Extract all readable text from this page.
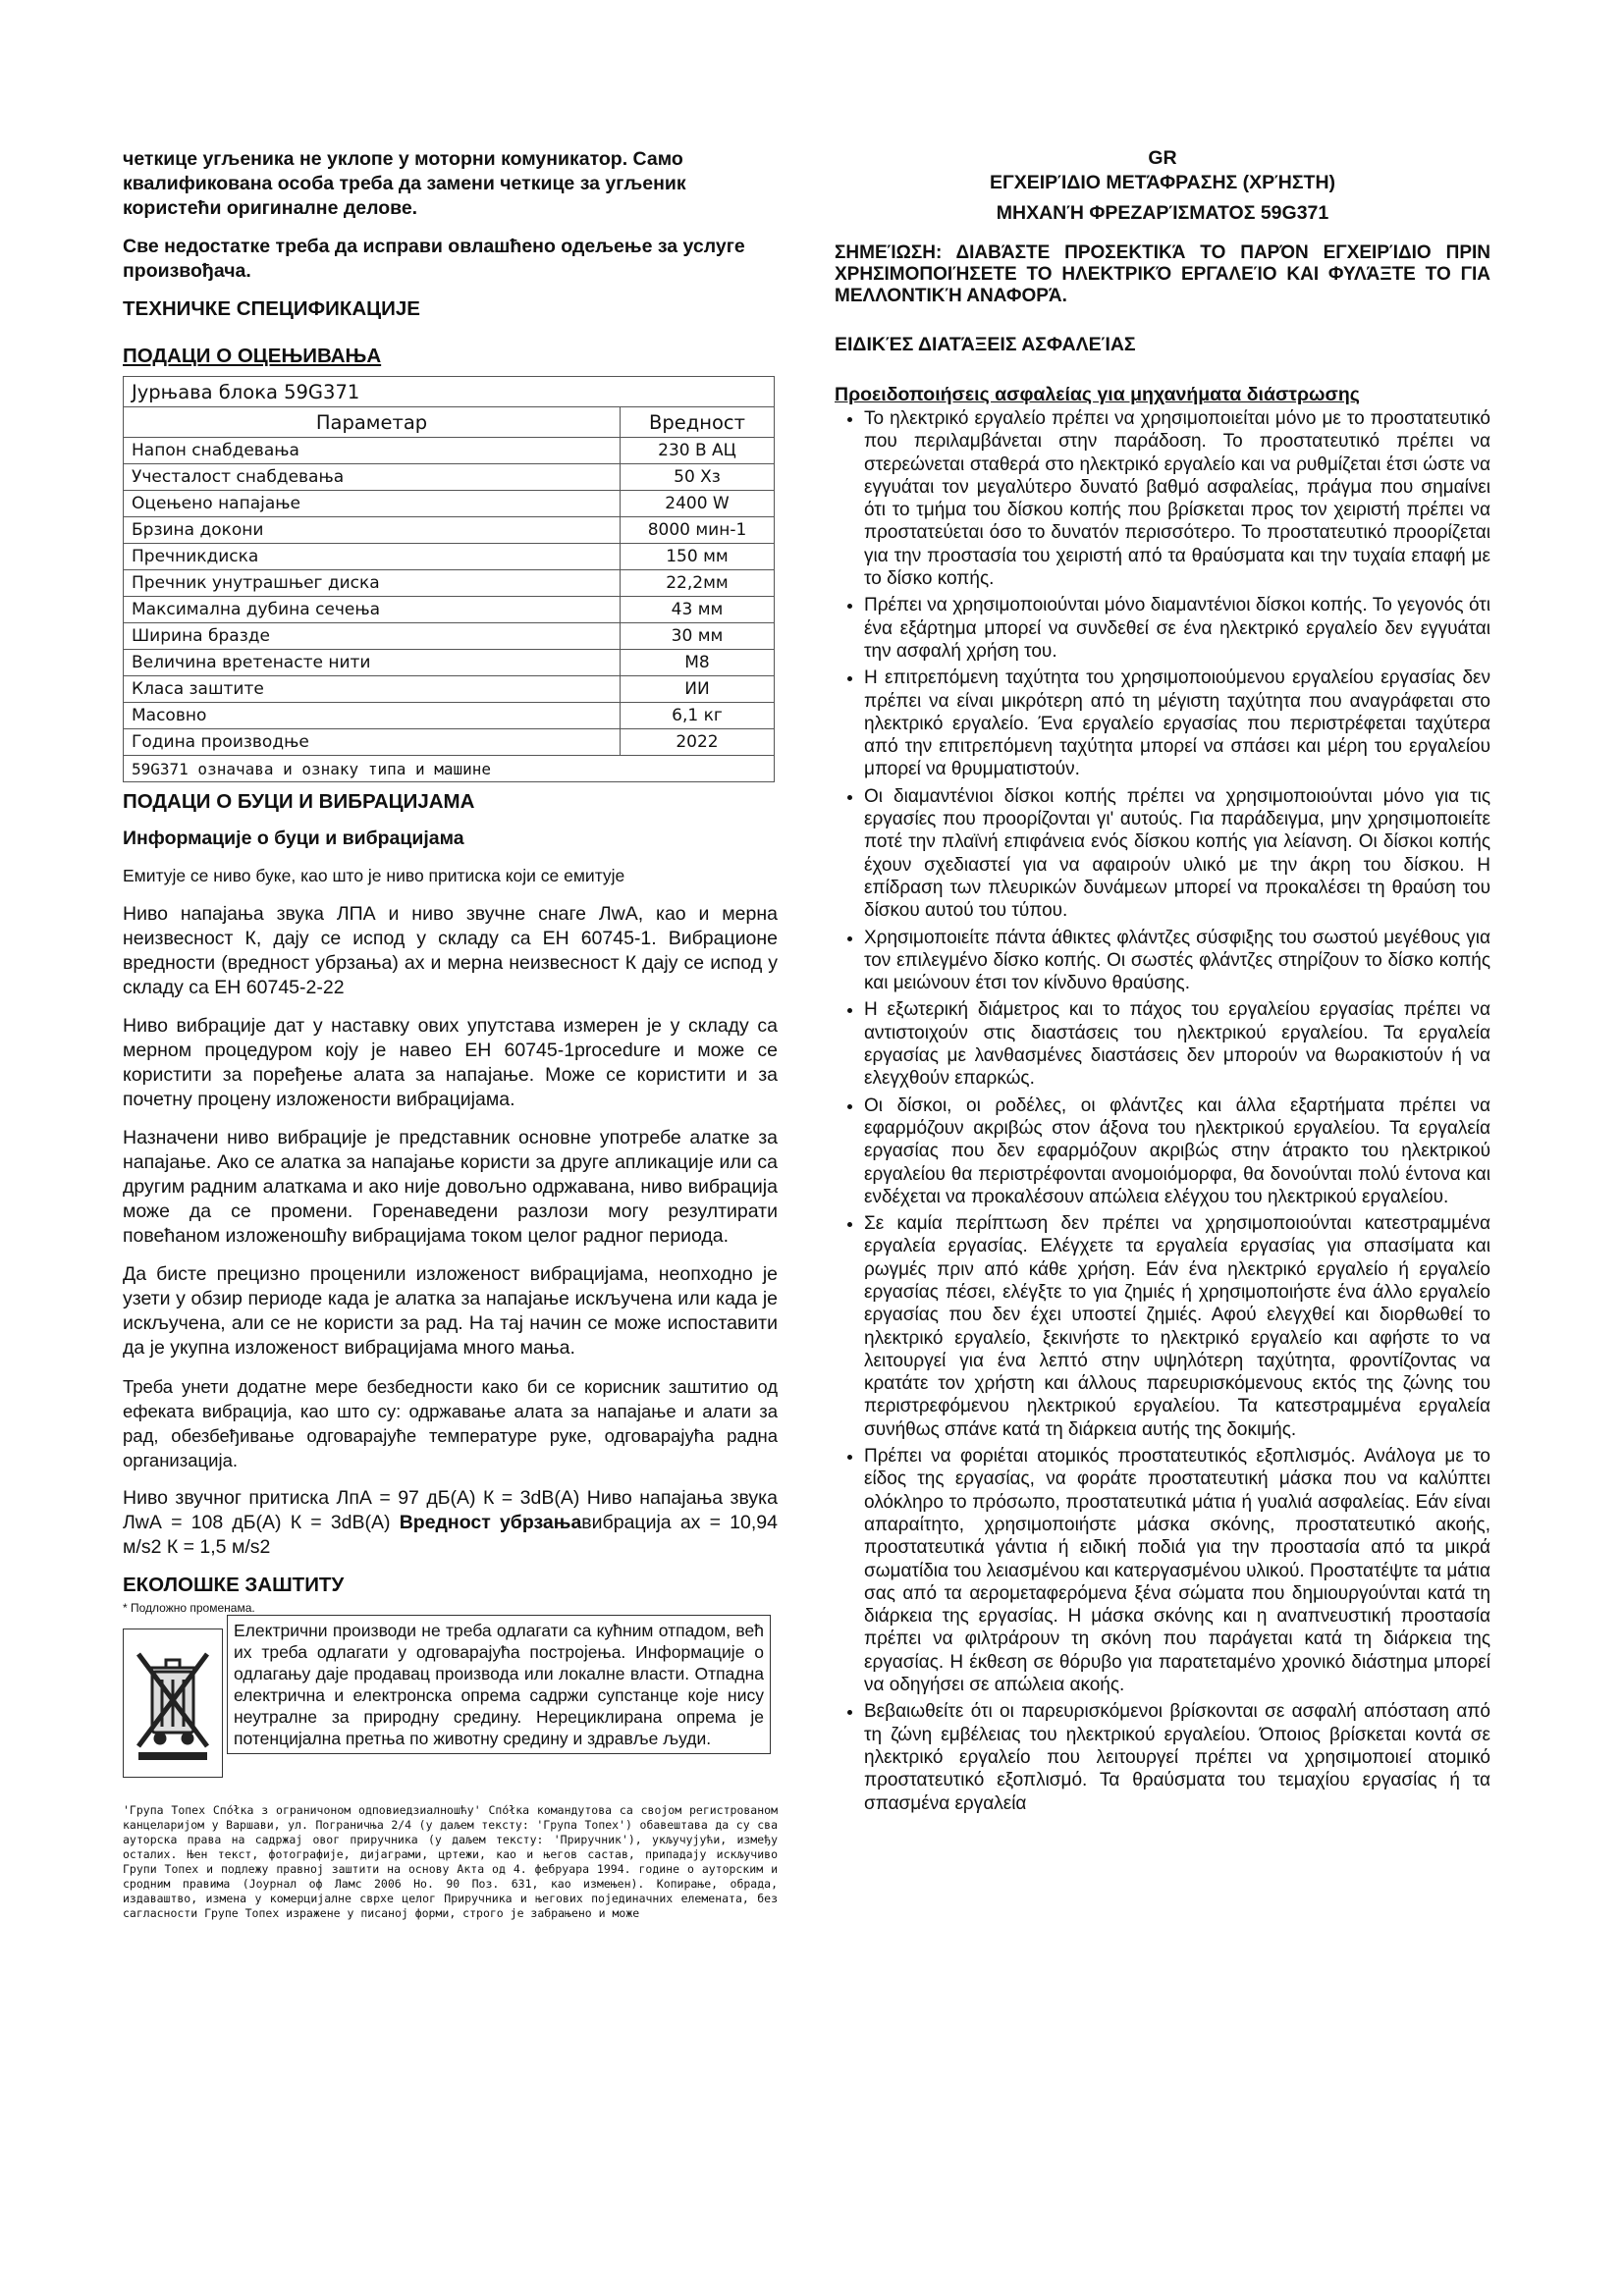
четкице угљеника не уклопе у моторни комуникатор. Само квалификована особа треба да замени четкице за угљеник користећи оригиналне делове.

Све недостатке треба да исправи овлашћено одељење за услуге произвођача.

ТЕХНИЧКЕ СПЕЦИФИКАЦИЈЕ

ПОДАЦИ О ОЦЕЊИВАЊА

Јурњава блока 59G371	
Параметар	Вредност
Напон снабдевања	230 В АЦ
Учесталост снабдевања	50 Хз
Оцењено напајање	2400 W
Брзина докони	8000 мин-1
Пречникдиска	150 мм
Пречник унутрашњег диска	22,2мм
Максимална дубина сечења	43 мм
Ширина бразде	30 мм
Величина вретенасте нити	M8
Класа заштите	ИИ
Масовно	6,1 кг
Година производње	2022
59G371 означава и ознаку типа и машине	

ПОДАЦИ О БУЦИ И ВИБРАЦИЈАМА

Информације о буци и вибрацијама

Емитује се ниво буке, као што је ниво притиска који се емитује

Ниво напајања звука ЛПА и ниво звучне снаге ЛwА, као и мерна неизвесност К, дају се испод у складу са ЕН 60745-1. Вибрационе вредности (вредност убрзања) ах и мерна неизвесност К дају се испод у складу са ЕН 60745-2-22

Ниво вибрације дат у наставку ових упутстава измерен је у складу са мерном процедуром коју је навео ЕН 60745-1procedure и може се користити за поређење алата за напајање. Може се користити и за почетну процену изложености вибрацијама.

Назначени ниво вибрације је представник основне употребе алатке за напајање. Ако се алатка за напајање користи за друге апликације или са другим радним алаткама и ако није довољно одржавана, ниво вибрација може да се промени. Горенаведени разлози могу резултирати повећаном изложеношћу вибрацијама током целог радног периода.

Да бисте прецизно проценили изложеност вибрацијама, неопходно је узети у обзир периоде када је алатка за напајање искључена или када је искључена, али се не користи за рад. На тај начин се може испоставити да је укупна изложеност вибрацијама много мања.

Треба унети додатне мере безбедности како би се корисник заштитио од ефеката вибрација, као што су: одржавање алата за напајање и алати за рад, обезбеђивање одговарајуће температуре руке, одговарајућа радна организација.

Ниво звучног притиска ЛпА = 97 дБ(А) К = 3dB(А) Ниво напајања звука ЛwА = 108 дБ(А) К = 3dB(А) Вредност убрзањавибрација ах = 10,94 м/s2 К = 1,5 м/s2

ЕКОЛОШКЕ ЗАШТИТУ

* Подложно променама.

Електрични производи не треба одлагати са кућним отпадом, већ их треба одлагати у одговарајућа постројења. Информације о одлагању даје продавац производа или локалне власти. Отпадна електрична и електронска опрема садржи супстанце које нису неутралне за природну средину. Нерециклирана опрема је потенцијална претња по животну средину и здравље људи.

'Група Топех Спо́łка з ограничоном одповиедзиалношћу' Спо́łка командутова са својом регистрованом канцеларијом у Варшави, ул. Пограничња 2/4 (у даљем тексту: 'Група Топех') обавештава да су сва ауторска права на садржај овог приручника (у даљем тексту: 'Приручник'), укључујући, између осталих. Њен текст, фотографије, дијаграми, цртежи, као и његов састав, припадају искључиво Групи Топех и подлежу правној заштити на основу Акта од 4. фебруара 1994. године о ауторским и сродним правима (Јоурнал оф Ламс 2006 Но. 90 Поз. 631, као измењен). Копирање, обрада, издаваштво, измена у комерцијалне сврхе целог Приручника и његових појединачних елемената, без сагласности Групе Топех изражене у писаној форми, строго је забрањено и може

GR

ΕΓΧΕΙΡΊΔΙΟ ΜΕΤΆΦΡΑΣΗΣ (ΧΡΉΣΤΗ)

ΜΗΧΑΝΉ ΦΡΕΖΑΡΊΣΜΑΤΟΣ 59G371

ΣΗΜΕΊΩΣΗ: ΔΙΑΒΆΣΤΕ ΠΡΟΣΕΚΤΙΚΆ ΤΟ ΠΑΡΌΝ ΕΓΧΕΙΡΊΔΙΟ ΠΡΙΝ ΧΡΗΣΙΜΟΠΟΙΉΣΕΤΕ ΤΟ ΗΛΕΚΤΡΙΚΌ ΕΡΓΑΛΕΊΟ ΚΑΙ ΦΥΛΆΞΤΕ ΤΟ ΓΙΑ ΜΕΛΛΟΝΤΙΚΉ ΑΝΑΦΟΡΆ.

ΕΙΔΙΚΈΣ ΔΙΑΤΆΞΕΙΣ ΑΣΦΑΛΕΊΑΣ

Προειδοποιήσεις ασφαλείας για μηχανήματα διάστρωσης

• Το ηλεκτρικό εργαλείο πρέπει να χρησιμοποιείται μόνο με το προστατευτικό που περιλαμβάνεται στην παράδοση. Το προστατευτικό πρέπει να στερεώνεται σταθερά στο ηλεκτρικό εργαλείο και να ρυθμίζεται έτσι ώστε να εγγυάται τον μεγαλύτερο δυνατό βαθμό ασφαλείας, πράγμα που σημαίνει ότι το τμήμα του δίσκου κοπής που βρίσκεται προς τον χειριστή πρέπει να προστατεύεται όσο το δυνατόν περισσότερο. Το προστατευτικό προορίζεται για την προστασία του χειριστή από τα θραύσματα και την τυχαία επαφή με το δίσκο κοπής.
• Πρέπει να χρησιμοποιούνται μόνο διαμαντένιοι δίσκοι κοπής. Το γεγονός ότι ένα εξάρτημα μπορεί να συνδεθεί σε ένα ηλεκτρικό εργαλείο δεν εγγυάται την ασφαλή χρήση του.
• Η επιτρεπόμενη ταχύτητα του χρησιμοποιούμενου εργαλείου εργασίας δεν πρέπει να είναι μικρότερη από τη μέγιστη ταχύτητα που αναγράφεται στο ηλεκτρικό εργαλείο. Ένα εργαλείο εργασίας που περιστρέφεται ταχύτερα από την επιτρεπόμενη ταχύτητα μπορεί να σπάσει και μέρη του εργαλείου μπορεί να θρυμματιστούν.
• Οι διαμαντένιοι δίσκοι κοπής πρέπει να χρησιμοποιούνται μόνο για τις εργασίες που προορίζονται γι' αυτούς. Για παράδειγμα, μην χρησιμοποιείτε ποτέ την πλαϊνή επιφάνεια ενός δίσκου κοπής για λείανση. Οι δίσκοι κοπής έχουν σχεδιαστεί για να αφαιρούν υλικό με την άκρη του δίσκου. Η επίδραση των πλευρικών δυνάμεων μπορεί να προκαλέσει τη θραύση του δίσκου αυτού του τύπου.
• Χρησιμοποιείτε πάντα άθικτες φλάντζες σύσφιξης του σωστού μεγέθους για τον επιλεγμένο δίσκο κοπής. Οι σωστές φλάντζες στηρίζουν το δίσκο κοπής και μειώνουν έτσι τον κίνδυνο θραύσης.
• Η εξωτερική διάμετρος και το πάχος του εργαλείου εργασίας πρέπει να αντιστοιχούν στις διαστάσεις του ηλεκτρικού εργαλείου. Τα εργαλεία εργασίας με λανθασμένες διαστάσεις δεν μπορούν να θωρακιστούν ή να ελεγχθούν επαρκώς.
• Οι δίσκοι, οι ροδέλες, οι φλάντζες και άλλα εξαρτήματα πρέπει να εφαρμόζουν ακριβώς στον άξονα του ηλεκτρικού εργαλείου. Τα εργαλεία εργασίας που δεν εφαρμόζουν ακριβώς στην άτρακτο του ηλεκτρικού εργαλείου θα περιστρέφονται ανομοιόμορφα, θα δονούνται πολύ έντονα και ενδέχεται να προκαλέσουν απώλεια ελέγχου του ηλεκτρικού εργαλείου.
• Σε καμία περίπτωση δεν πρέπει να χρησιμοποιούνται κατεστραμμένα εργαλεία εργασίας. Ελέγχετε τα εργαλεία εργασίας για σπασίματα και ρωγμές πριν από κάθε χρήση. Εάν ένα ηλεκτρικό εργαλείο ή εργαλείο εργασίας πέσει, ελέγξτε το για ζημιές ή χρησιμοποιήστε ένα άλλο εργαλείο εργασίας που δεν έχει υποστεί ζημιές. Αφού ελεγχθεί και διορθωθεί το ηλεκτρικό εργαλείο, ξεκινήστε το ηλεκτρικό εργαλείο και αφήστε το να λειτουργεί για ένα λεπτό στην υψηλότερη ταχύτητα, φροντίζοντας να κρατάτε τον χρήστη και άλλους παρευρισκόμενους εκτός της ζώνης του περιστρεφόμενου ηλεκτρικού εργαλείου. Τα κατεστραμμένα εργαλεία συνήθως σπάνε κατά τη διάρκεια αυτής της δοκιμής.
• Πρέπει να φοριέται ατομικός προστατευτικός εξοπλισμός. Ανάλογα με το είδος της εργασίας, να φοράτε προστατευτική μάσκα που να καλύπτει ολόκληρο το πρόσωπο, προστατευτικά μάτια ή γυαλιά ασφαλείας. Εάν είναι απαραίτητο, χρησιμοποιήστε μάσκα σκόνης, προστατευτικό ακοής, προστατευτικά γάντια ή ειδική ποδιά για την προστασία από τα μικρά σωματίδια του λειασμένου και κατεργασμένου υλικού. Προστατέψτε τα μάτια σας από τα αερομεταφερόμενα ξένα σώματα που δημιουργούνται κατά τη διάρκεια της εργασίας. Η μάσκα σκόνης και η αναπνευστική προστασία πρέπει να φιλτράρουν τη σκόνη που παράγεται κατά τη διάρκεια της εργασίας. Η έκθεση σε θόρυβο για παρατεταμένο χρονικό διάστημα μπορεί να οδηγήσει σε απώλεια ακοής.
• Βεβαιωθείτε ότι οι παρευρισκόμενοι βρίσκονται σε ασφαλή απόσταση από τη ζώνη εμβέλειας του ηλεκτρικού εργαλείου. Όποιος βρίσκεται κοντά σε ηλεκτρικό εργαλείο που λειτουργεί πρέπει να χρησιμοποιεί ατομικό προστατευτικό εξοπλισμό. Τα θραύσματα του τεμαχίου εργασίας ή τα σπασμένα εργαλεία
